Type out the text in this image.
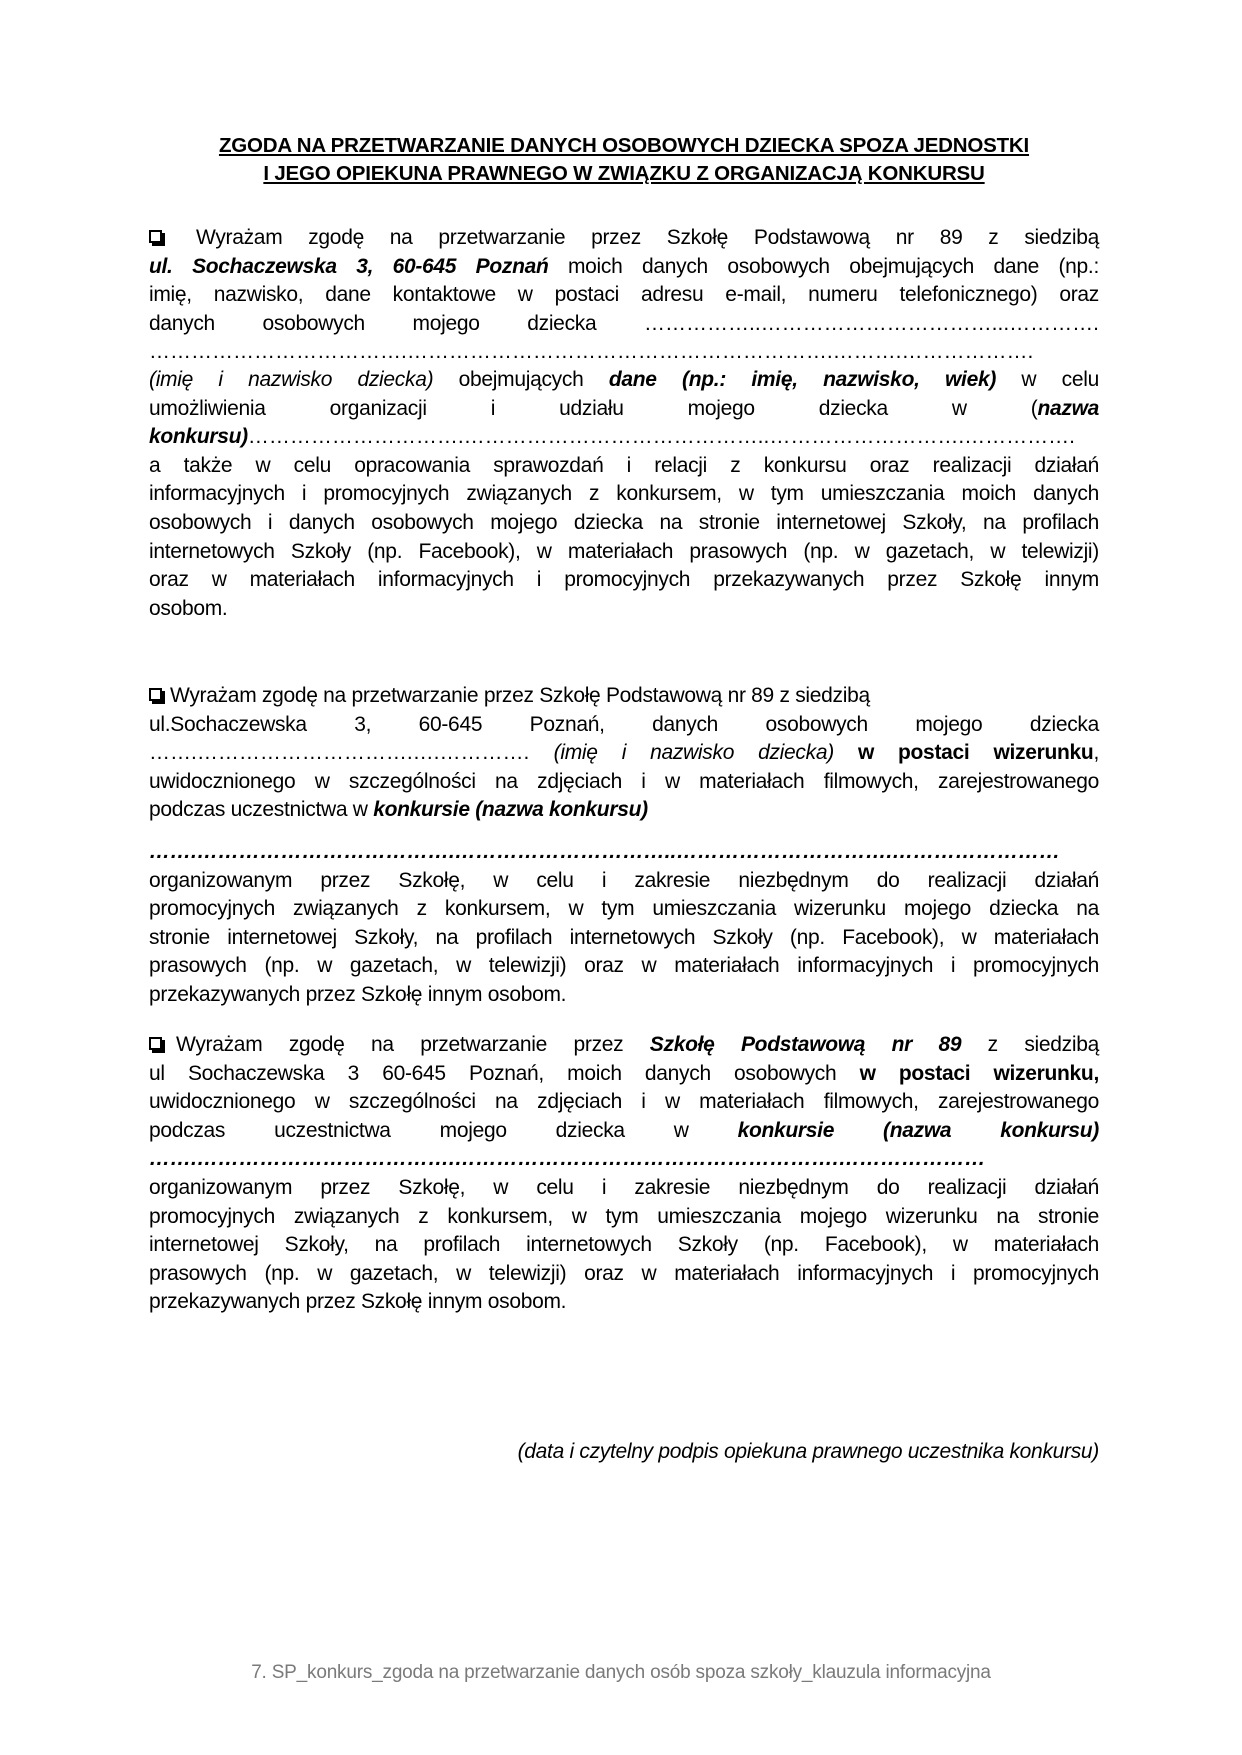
ZGODA NA PRZETWARZANIE DANYCH OSOBOWYCH DZIECKA SPOZA JEDNOSTKI
I JEGO OPIEKUNA PRAWNEGO W ZWIĄZKU Z ORGANIZACJĄ KONKURSU
Wyrażam zgodę na przetwarzanie przez Szkołę Podstawową nr 89 z siedzibą
ul. Sochaczewska 3, 60-645 Poznań moich danych osobowych obejmujących dane (np.:
imię, nazwisko, dane kontaktowe w postaci adresu e-mail, numeru telefonicznego) oraz
danych osobowych mojego dziecka ……………..……………………………...………….
……………………………….…………………………………………………….……….……………….
(imię i nazwisko dziecka) obejmujących dane (np.: imię, nazwisko, wiek) w celu
umożliwienia organizacji i udziału mojego dziecka w (nazwa
konkursu)………………………….……………………………………..……………………….…………….
a także w celu opracowania sprawozdań i relacji z konkursu oraz realizacji działań
informacyjnych i promocyjnych związanych z konkursem, w tym umieszczania moich danych
osobowych i danych osobowych mojego dziecka na stronie internetowej Szkoły, na profilach
internetowych Szkoły (np. Facebook), w materiałach prasowych (np. w gazetach, w telewizji)
oraz w materiałach informacyjnych i promocyjnych przekazywanych przez Szkołę innym
osobom.
Wyrażam zgodę na przetwarzanie przez Szkołę Podstawową nr 89 z siedzibą
ul.Sochaczewska 3, 60-645 Poznań, danych osobowych mojego dziecka
…….………………………….….…………. (imię i nazwisko dziecka) w postaci wizerunku,
uwidocznionego w szczególności na zdjęciach i w materiałach filmowych, zarejestrowanego
podczas uczestnictwa w konkursie (nazwa konkursu)
…….……………………………….…………………………..………………………….……………………
organizowanym przez Szkołę, w celu i zakresie niezbędnym do realizacji działań
promocyjnych związanych z konkursem, w tym umieszczania wizerunku mojego dziecka na
stronie internetowej Szkoły, na profilach internetowych Szkoły (np. Facebook), w materiałach
prasowych (np. w gazetach, w telewizji) oraz w materiałach informacyjnych i promocyjnych
przekazywanych przez Szkołę innym osobom.
Wyrażam zgodę na przetwarzanie przez Szkołę Podstawową nr 89 z siedzibą
ul Sochaczewska 3 60-645 Poznań, moich danych osobowych w postaci wizerunku,
uwidocznionego w szczególności na zdjęciach i w materiałach filmowych, zarejestrowanego
podczas uczestnictwa mojego dziecka w konkursie (nazwa konkursu)
…….……………………………….……………………………………………….…………………
organizowanym przez Szkołę, w celu i zakresie niezbędnym do realizacji działań
promocyjnych związanych z konkursem, w tym umieszczania mojego wizerunku na stronie
internetowej Szkoły, na profilach internetowych Szkoły (np. Facebook), w materiałach
prasowych (np. w gazetach, w telewizji) oraz w materiałach informacyjnych i promocyjnych
przekazywanych przez Szkołę innym osobom.
(data i czytelny podpis opiekuna prawnego uczestnika konkursu)
7. SP_konkurs_zgoda na przetwarzanie danych osób spoza szkoły_klauzula informacyjna
